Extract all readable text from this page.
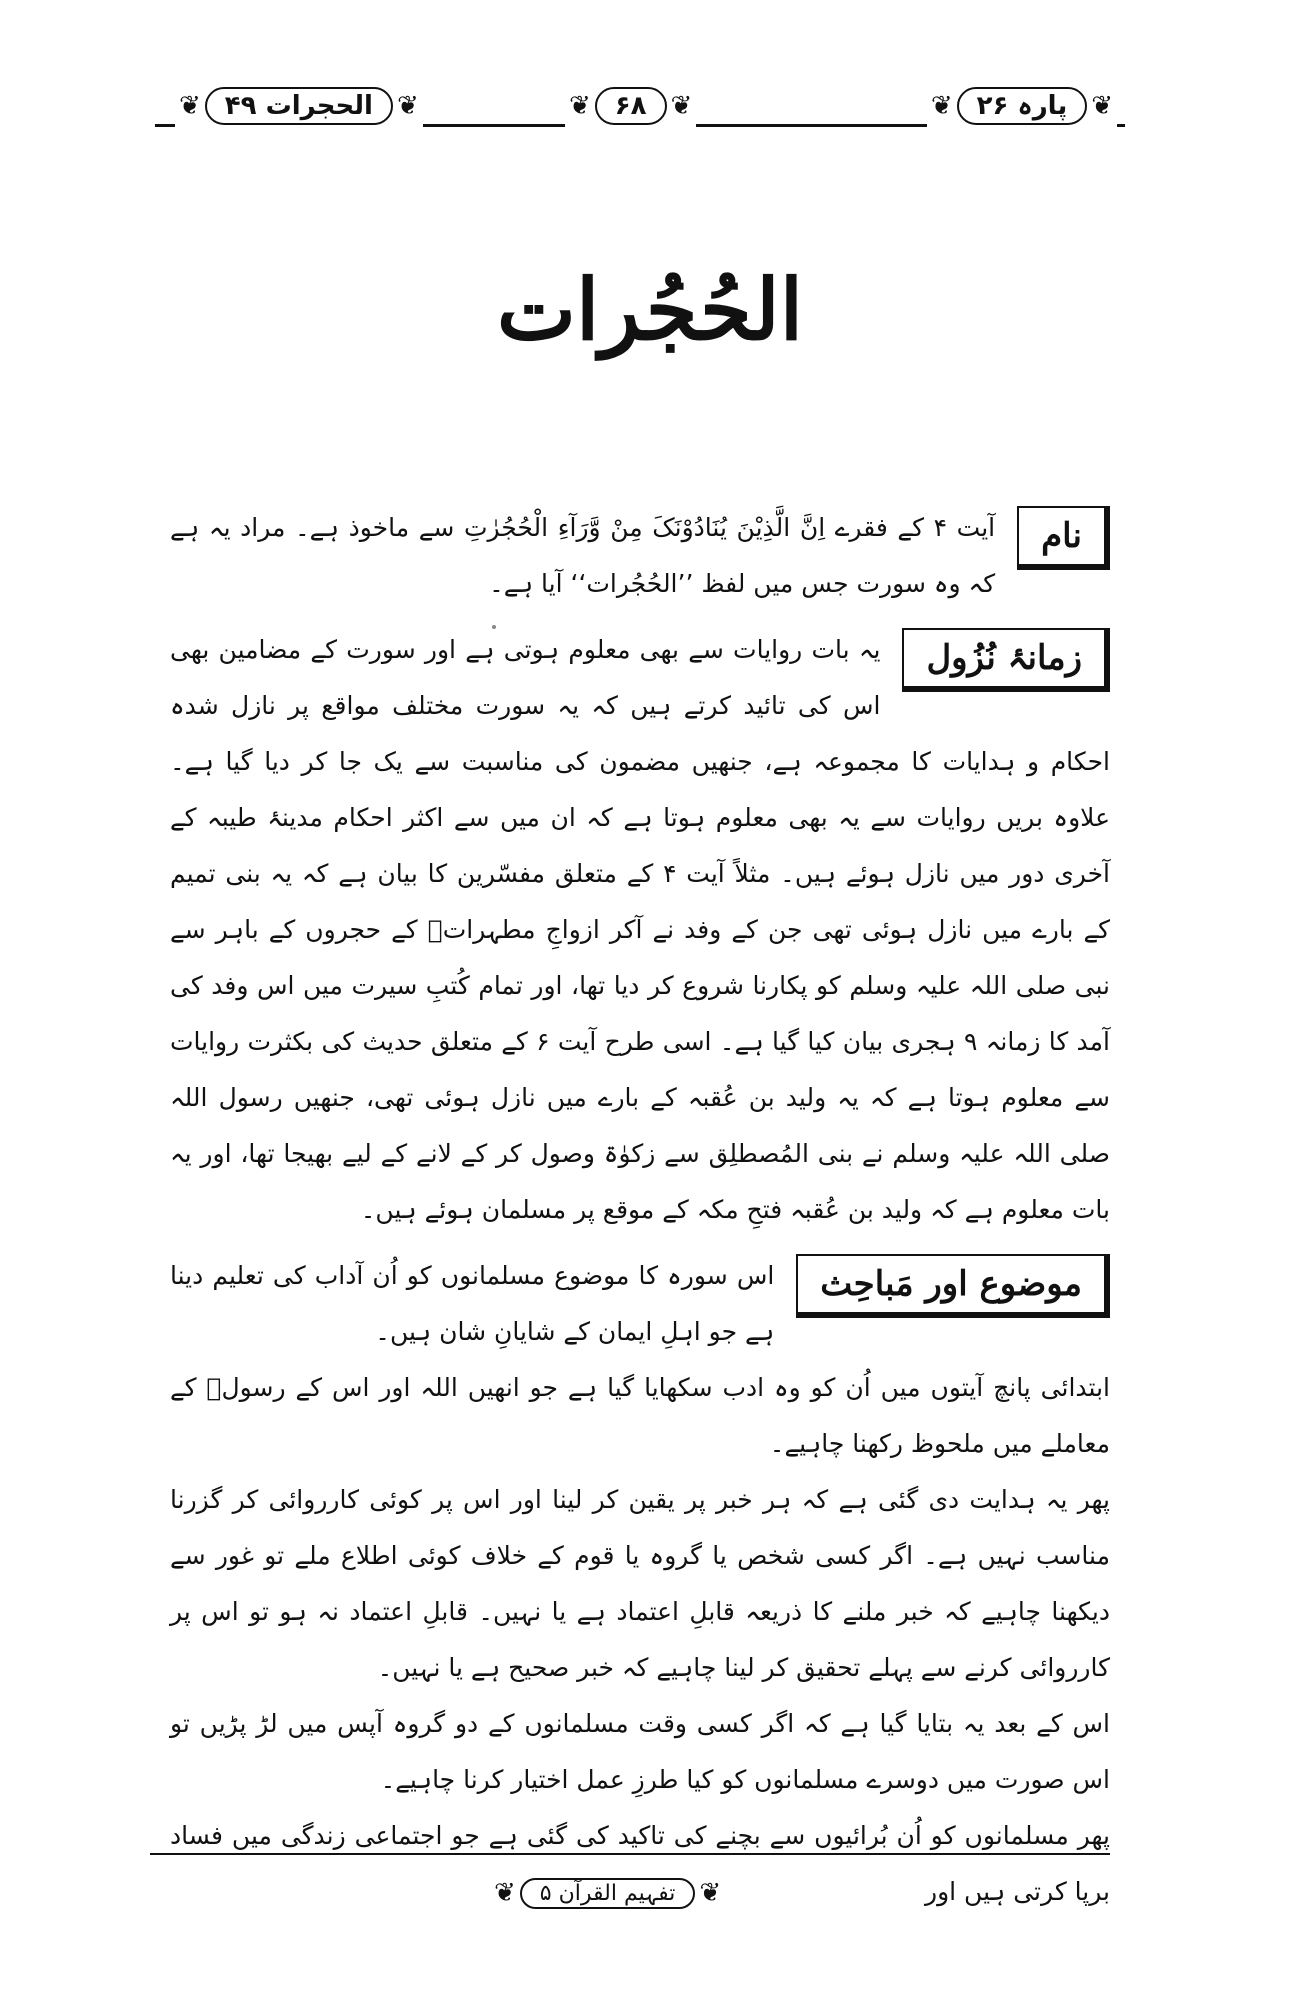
❦ الحجرات ۴۹ ❦	❦ ۶۸ ❦	❦ پارہ ۲۶ ❦
الحُجُرات
نام

آیت ۴ کے فقرے اِنَّ الَّذِیْنَ یُنَادُوْنَکَ مِنْ وَّرَآءِ الْحُجُرٰتِ سے ماخوذ ہے۔ مراد یہ ہے کہ وہ سورت جس میں لفظ ’’الحُجُرات‘‘ آیا ہے۔

زمانۂ نُزُول

یہ بات روایات سے بھی معلوم ہوتی ہے اور سورت کے مضامین بھی اس کی تائید کرتے ہیں کہ یہ سورت مختلف مواقع پر نازل شدہ احکام و ہدایات کا مجموعہ ہے، جنھیں مضمون کی مناسبت سے یک جا کر دیا گیا ہے۔ علاوہ بریں روایات سے یہ بھی معلوم ہوتا ہے کہ ان میں سے اکثر احکام مدینۂ طیبہ کے آخری دور میں نازل ہوئے ہیں۔ مثلاً آیت ۴ کے متعلق مفسّرین کا بیان ہے کہ یہ بنی تمیم کے بارے میں نازل ہوئی تھی جن کے وفد نے آکر ازواجِ مطہراتؓ کے حجروں کے باہر سے نبی صلی اللہ علیہ وسلم کو پکارنا شروع کر دیا تھا، اور تمام کُتبِ سیرت میں اس وفد کی آمد کا زمانہ ۹ ہجری بیان کیا گیا ہے۔ اسی طرح آیت ۶ کے متعلق حدیث کی بکثرت روایات سے معلوم ہوتا ہے کہ یہ ولید بن عُقبہ کے بارے میں نازل ہوئی تھی، جنھیں رسول اللہ صلی اللہ علیہ وسلم نے بنی المُصطلِق سے زکوٰۃ وصول کر کے لانے کے لیے بھیجا تھا، اور یہ بات معلوم ہے کہ ولید بن عُقبہ فتحِ مکہ کے موقع پر مسلمان ہوئے ہیں۔

موضوع اور مَباحِث

اس سورہ کا موضوع مسلمانوں کو اُن آداب کی تعلیم دینا ہے جو اہلِ ایمان کے شایانِ شان ہیں۔

ابتدائی پانچ آیتوں میں اُن کو وہ ادب سکھایا گیا ہے جو انھیں اللہ اور اس کے رسولؐ کے معاملے میں ملحوظ رکھنا چاہیے۔

پھر یہ ہدایت دی گئی ہے کہ ہر خبر پر یقین کر لینا اور اس پر کوئی کارروائی کر گزرنا مناسب نہیں ہے۔ اگر کسی شخص یا گروہ یا قوم کے خلاف کوئی اطلاع ملے تو غور سے دیکھنا چاہیے کہ خبر ملنے کا ذریعہ قابلِ اعتماد ہے یا نہیں۔ قابلِ اعتماد نہ ہو تو اس پر کارروائی کرنے سے پہلے تحقیق کر لینا چاہیے کہ خبر صحیح ہے یا نہیں۔

اس کے بعد یہ بتایا گیا ہے کہ اگر کسی وقت مسلمانوں کے دو گروہ آپس میں لڑ پڑیں تو اس صورت میں دوسرے مسلمانوں کو کیا طرزِ عمل اختیار کرنا چاہیے۔

پھر مسلمانوں کو اُن بُرائیوں سے بچنے کی تاکید کی گئی ہے جو اجتماعی زندگی میں فساد برپا کرتی ہیں اور

❦	تفہیم القرآن ۵ ❦
